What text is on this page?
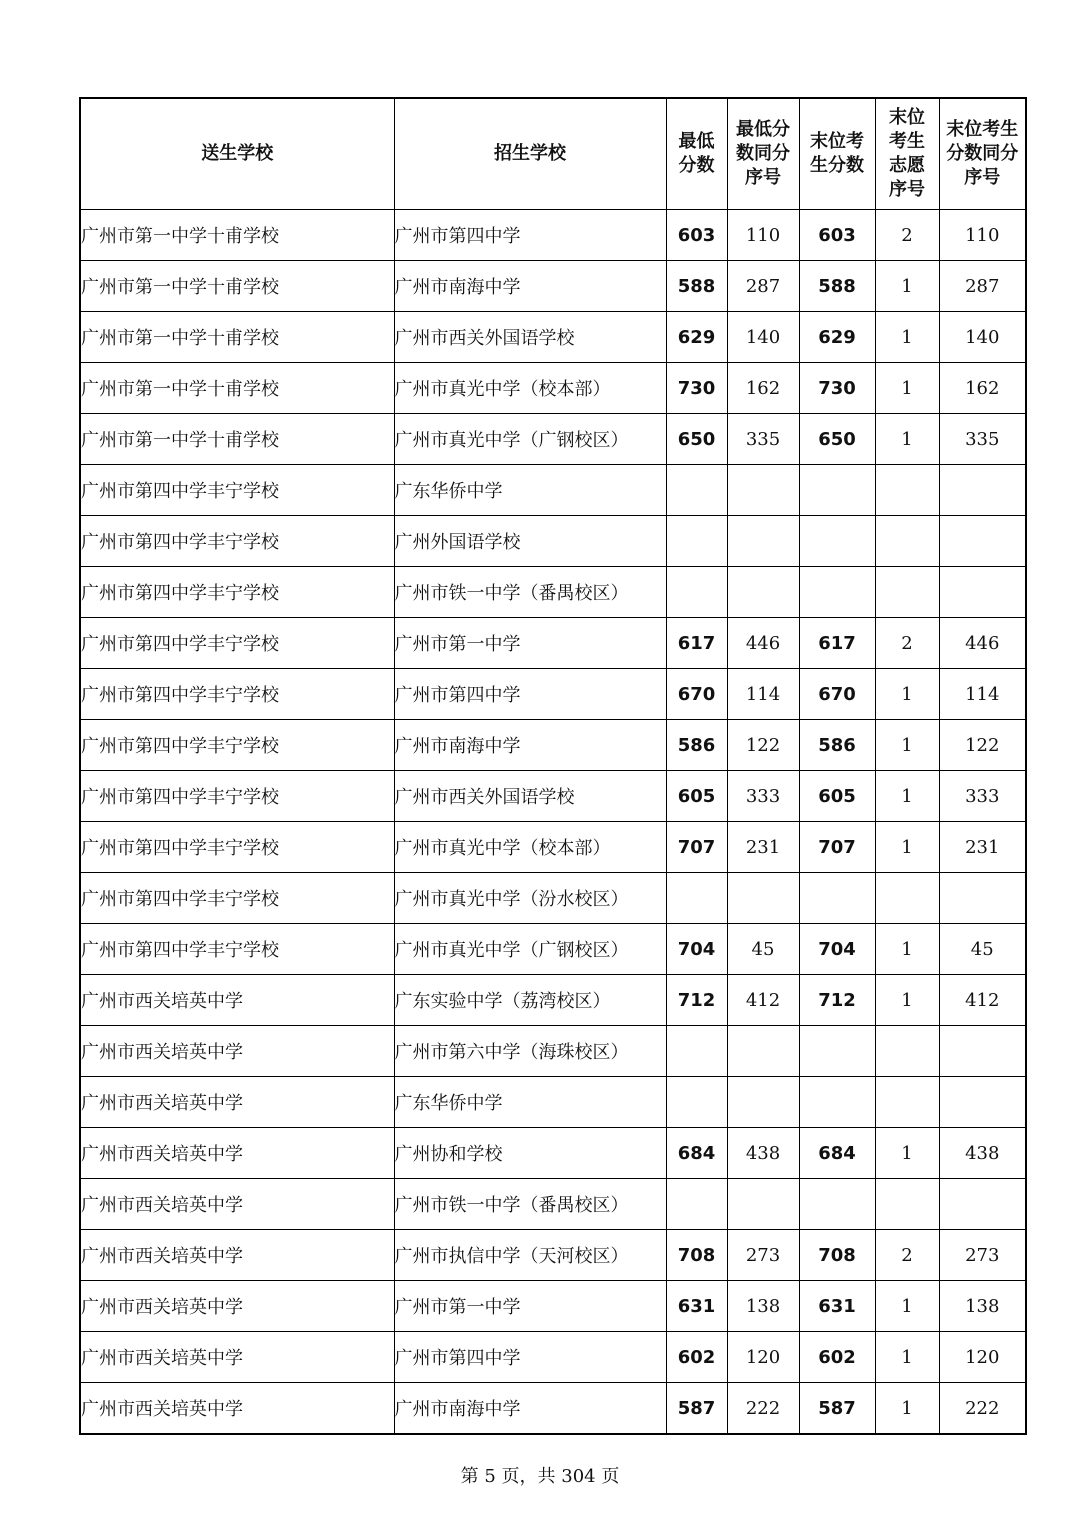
送生学校	招生学校	最低分数	最低分数同分序号	末位考生分数	末位考生志愿序号	末位考生分数同分序号
广州市第一中学十甫学校	广州市第四中学	603	110	603	2	110
广州市第一中学十甫学校	广州市南海中学	588	287	588	1	287
广州市第一中学十甫学校	广州市西关外国语学校	629	140	629	1	140
广州市第一中学十甫学校	广州市真光中学（校本部）	730	162	730	1	162
广州市第一中学十甫学校	广州市真光中学（广钢校区）	650	335	650	1	335
广州市第四中学丰宁学校	广东华侨中学					
广州市第四中学丰宁学校	广州外国语学校					
广州市第四中学丰宁学校	广州市铁一中学（番禺校区）					
广州市第四中学丰宁学校	广州市第一中学	617	446	617	2	446
广州市第四中学丰宁学校	广州市第四中学	670	114	670	1	114
广州市第四中学丰宁学校	广州市南海中学	586	122	586	1	122
广州市第四中学丰宁学校	广州市西关外国语学校	605	333	605	1	333
广州市第四中学丰宁学校	广州市真光中学（校本部）	707	231	707	1	231
广州市第四中学丰宁学校	广州市真光中学（汾水校区）					
广州市第四中学丰宁学校	广州市真光中学（广钢校区）	704	45	704	1	45
广州市西关培英中学	广东实验中学（荔湾校区）	712	412	712	1	412
广州市西关培英中学	广州市第六中学（海珠校区）					
广州市西关培英中学	广东华侨中学					
广州市西关培英中学	广州协和学校	684	438	684	1	438
广州市西关培英中学	广州市铁一中学（番禺校区）					
广州市西关培英中学	广州市执信中学（天河校区）	708	273	708	2	273
广州市西关培英中学	广州市第一中学	631	138	631	1	138
广州市西关培英中学	广州市第四中学	602	120	602	1	120
广州市西关培英中学	广州市南海中学	587	222	587	1	222
第 5 页，共 304 页
